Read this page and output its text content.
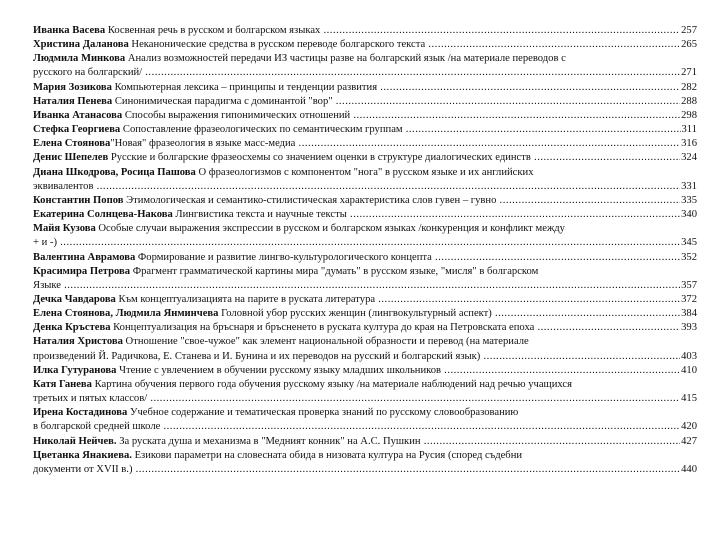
Иванка Васева Косвенная речь в русском и болгарском языках .....	257
Христина Даланова Неканонические средства в русском переводе болгарского текста .....	265
Людмила Минкова Анализ возможностей передачи ИЗ частицы разве на болгарский язык /на материале переводов с
русского на болгарский/ .....	271
Мария Зозикова Компьютерная лексика – принципы и тенденции развития .....	282
Наталия Пенева Синонимическая парадигма с доминантой "вор" .....	288
Иванка Атанасова Способы выражения гипонимических отношений .....	298
Стефка Георгиева Сопоставление фразеологических по семантическим группам .....	311
Елена Стоянова"Новая" фразеология в языке масс-медиа .....	316
Денис Шепелев Русские и болгарские фразеосхемы со значением оценки в структуре диалогических единств .....	324
Диана Шкодрова, Росица Пашова О фразеологизмов с компонентом "нога" в русском языке и их английских
эквивалентов .....	331
Константин Попов Этимологическая и семантико-стилистическая характеристика слов гувен – гувно .....	335
Екатерина Солнцева-Накова Лингвистика текста и научные тексты .....	340
Майя Кузова Особые случаи выражения экспрессии в русском и болгарском языках /конкуренция и конфликт между
+ и -) .....	345
Валентина Аврамова Формирование и развитие лингво-культурологического концепта .....	352
Красимира Петрова Фрагмент грамматической картины мира "думать" в русском языке, "мисля" в болгарском
Языке .....	357
Дечка Чавдарова Към концептуализацията на парите в руската литература .....	372
Елена Стоянова, Людмила Янминчева Головной убор русских женщин (лингвокультурный аспект) .....	384
Денка Кръстева Концептуализация на бръснаря и бръсненето в руската култура до края на Петровската епоха .....	393
Наталия Христова Отношение "свое-чужое" как элемент национальной образности и перевод (на материале
произведений Й. Радичкова, Е. Станева и И. Бунина и их переводов на русский и болгарский язык) .....	403
Илка Гутуранова Чтение с увлечением в обучении русскому языку младших школьников .....	410
Катя Ганева Картина обучения первого года обучения русскому языку /на материале наблюдений над речью учащихся
третьих и пятых классов/ .....	415
Ирена Костадинова Учебное содержание и тематическая проверка знаний по русскому словообразованию
в болгарской средней школе .....	420
Николай Нейчев. За руската душа и механизма в "Медният конник" на А.С. Пушкин .....	427
Цветанка Янакиева. Езикови параметри на словесната обида в низовата култура на Русия (според съдебни
документи от XVII в.) .....	440
